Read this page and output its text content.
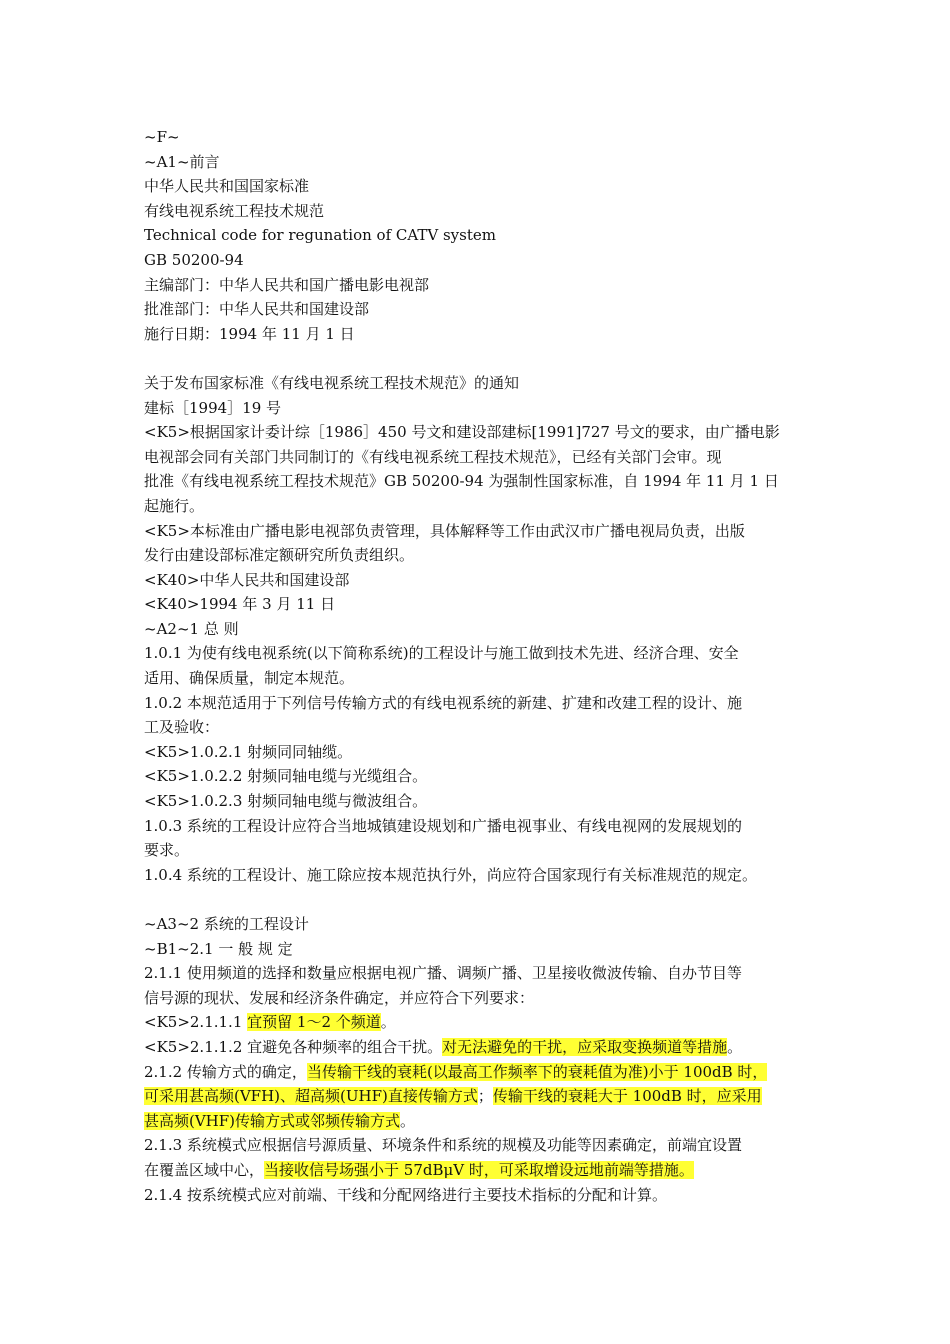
~F~
~A1~前言
中华人民共和国国家标准
有线电视系统工程技术规范
Technical code for regunation of CATV system
GB 50200-94
主编部门：中华人民共和国广播电影电视部
批准部门：中华人民共和国建设部
施行日期：1994 年 11 月 1 日
关于发布国家标准《有线电视系统工程技术规范》的通知
建标［1994］19 号
<K5>根据国家计委计综［1986］450 号文和建设部建标[1991]727 号文的要求，由广播电影
电视部会同有关部门共同制订的《有线电视系统工程技术规范》，已经有关部门会审。现
批准《有线电视系统工程技术规范》GB 50200-94 为强制性国家标准，自 1994 年 11 月 1 日
起施行。
<K5>本标准由广播电影电视部负责管理，具体解释等工作由武汉市广播电视局负责，出版
发行由建设部标准定额研究所负责组织。
<K40>中华人民共和国建设部
<K40>1994 年 3 月 11 日
~A2~1 总 则
1.0.1 为使有线电视系统(以下简称系统)的工程设计与施工做到技术先进、经济合理、安全
适用、确保质量，制定本规范。
1.0.2 本规范适用于下列信号传输方式的有线电视系统的新建、扩建和改建工程的设计、施
工及验收：
<K5>1.0.2.1 射频同同轴缆。
<K5>1.0.2.2 射频同轴电缆与光缆组合。
<K5>1.0.2.3 射频同轴电缆与微波组合。
1.0.3 系统的工程设计应符合当地城镇建设规划和广播电视事业、有线电视网的发展规划的
要求。
1.0.4 系统的工程设计、施工除应按本规范执行外，尚应符合国家现行有关标准规范的规定。
~A3~2 系统的工程设计
~B1~2.1 一 般 规 定
2.1.1 使用频道的选择和数量应根据电视广播、调频广播、卫星接收微波传输、自办节目等
信号源的现状、发展和经济条件确定，并应符合下列要求：
<K5>2.1.1.1 宜预留 1～2 个频道。
<K5>2.1.1.2 宜避免各种频率的组合干扰。对无法避免的干扰，应采取变换频道等措施。
2.1.2 传输方式的确定，当传输干线的衰耗(以最高工作频率下的衰耗值为准)小于 100dB 时，
可采用甚高频(VFH)、超高频(UHF)直接传输方式；传输干线的衰耗大于 100dB 时，应采用
甚高频(VHF)传输方式或邻频传输方式。
2.1.3 系统模式应根据信号源质量、环境条件和系统的规模及功能等因素确定，前端宜设置
在覆盖区域中心，当接收信号场强小于 57dBμV 时，可采取增设远地前端等措施。
2.1.4 按系统模式应对前端、干线和分配网络进行主要技术指标的分配和计算。
